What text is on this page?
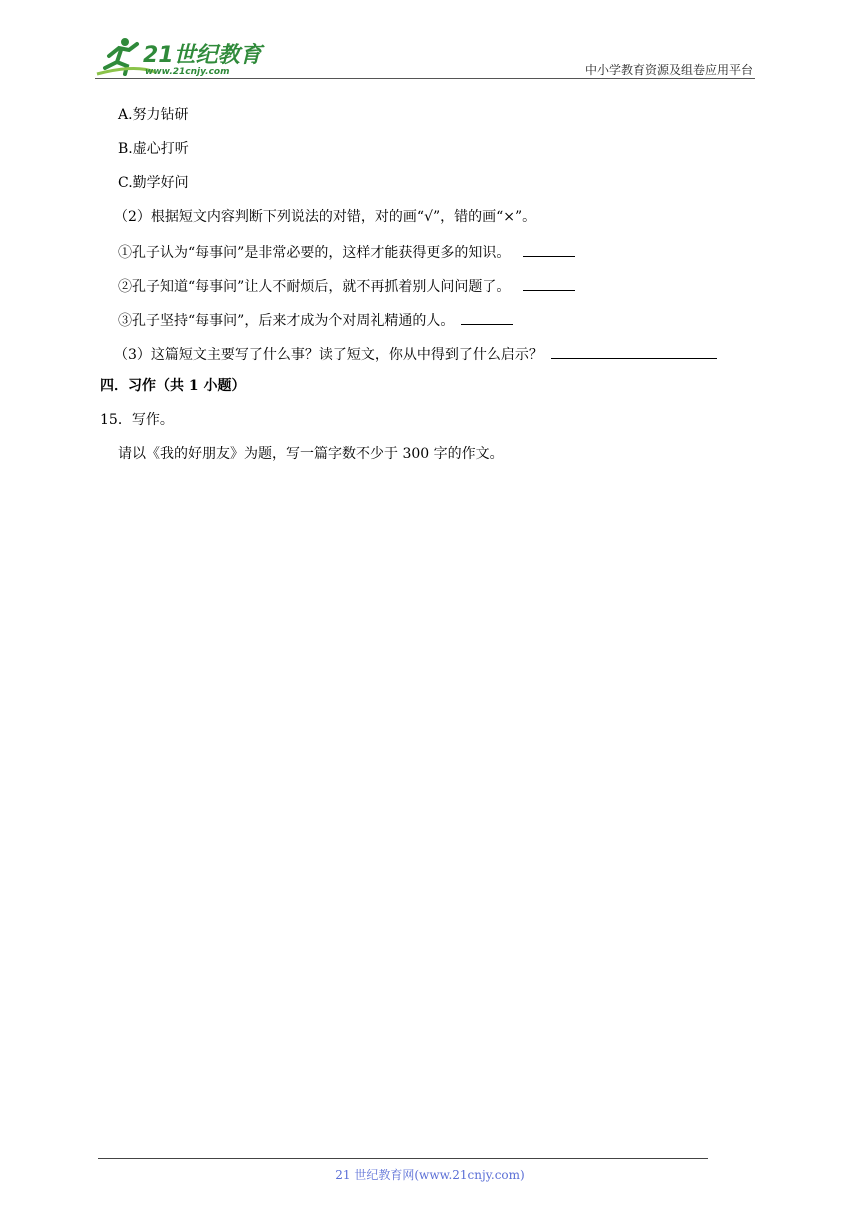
21世纪教育
www.21cnjy.com	中小学教育资源及组卷应用平台
A.努力钻研
B.虚心打听
C.勤学好问
（2）根据短文内容判断下列说法的对错，对的画“√”，错的画“×”。
①孔子认为“每事问”是非常必要的，这样才能获得更多的知识。
②孔子知道“每事问”让人不耐烦后，就不再抓着别人问问题了。
③孔子坚持“每事问”，后来才成为个对周礼精通的人。
（3）这篇短文主要写了什么事？读了短文，你从中得到了什么启示？
四．习作（共 1 小题）
15．写作。
请以《我的好朋友》为题，写一篇字数不少于 300 字的作文。
21 世纪教育网(www.21cnjy.com)
